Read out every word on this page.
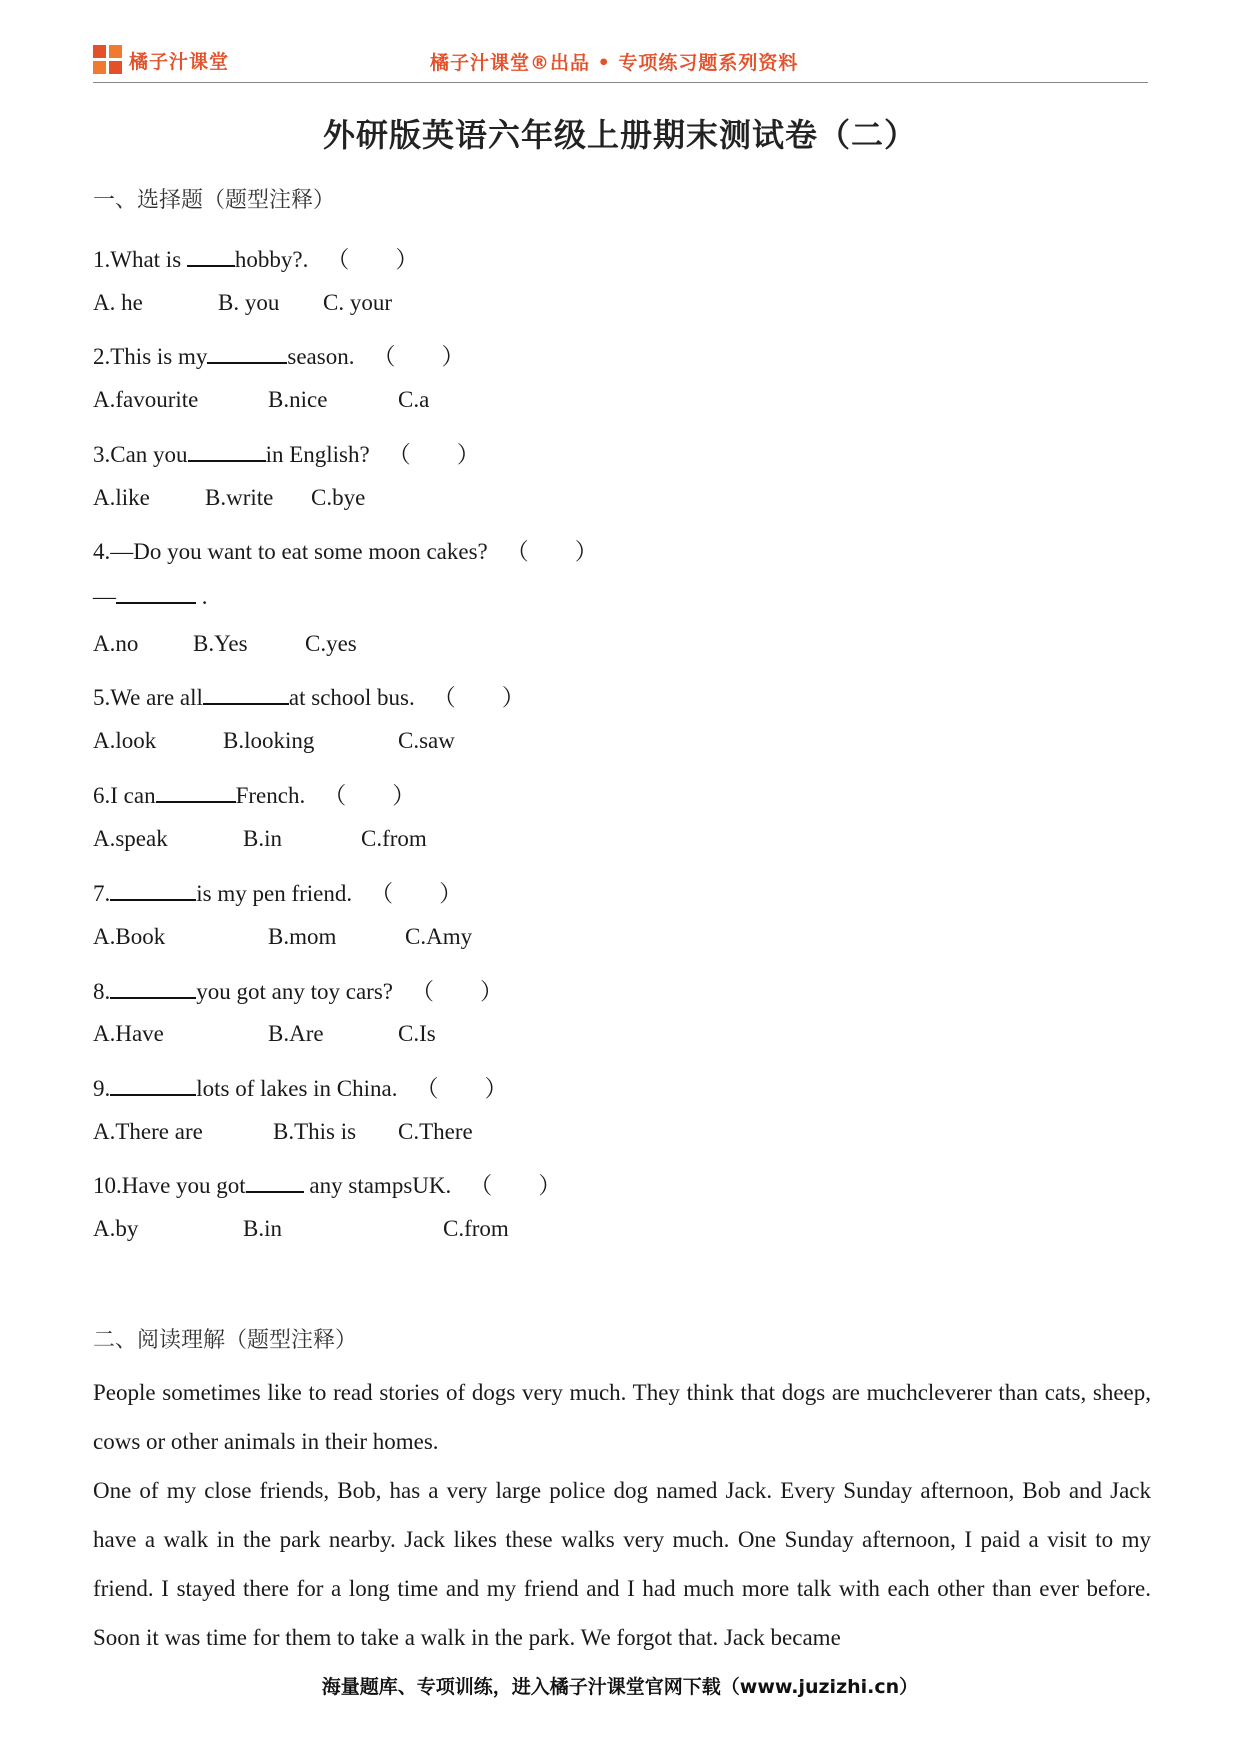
橘子汁课堂	橘子汁课堂®出品 • 专项练习题系列资料
外研版英语六年级上册期末测试卷（二）
一、选择题（题型注释）
1.What is hobby?. （　　）
A. he	B. you C. your
2.This is my	season. （　　）
A.favourite	B.nice	C.a
3.Can you	in English? （　　）
A.like B.write C.bye
4.—Do you want to eat some moon cakes? （　　）
—	.
A.no B.Yes C.yes
5.We are all	at school bus. （　　）
A.look	B.looking	C.saw
6.I can	French. （　　）
A.speak	B.in	C.from
7.	is my pen friend. （　　）
A.Book	B.mom	C.Amy
8.	you got any toy cars? （　　）
A.Have	B.Are	C.Is
9.	lots of lakes in China. （　　）
A.There are	B.This is C.There
10.Have you got	any stampsUK. （　　）
A.by	B.in	C.from
二、阅读理解（题型注释）

People sometimes like to read stories of dogs very much. They think that dogs are muchcleverer than cats, sheep, cows or other animals in their homes.

One of my close friends, Bob, has a very large police dog named Jack. Every Sunday afternoon, Bob and Jack have a walk in the park nearby. Jack likes these walks very much. One Sunday afternoon, I paid a visit to my friend. I stayed there for a long time and my friend and I had much more talk with each other than ever before. Soon it was time for them to take a walk in the park. We forgot that. Jack became

海量题库、专项训练，进入橘子汁课堂官网下载（www.juzizhi.cn）
